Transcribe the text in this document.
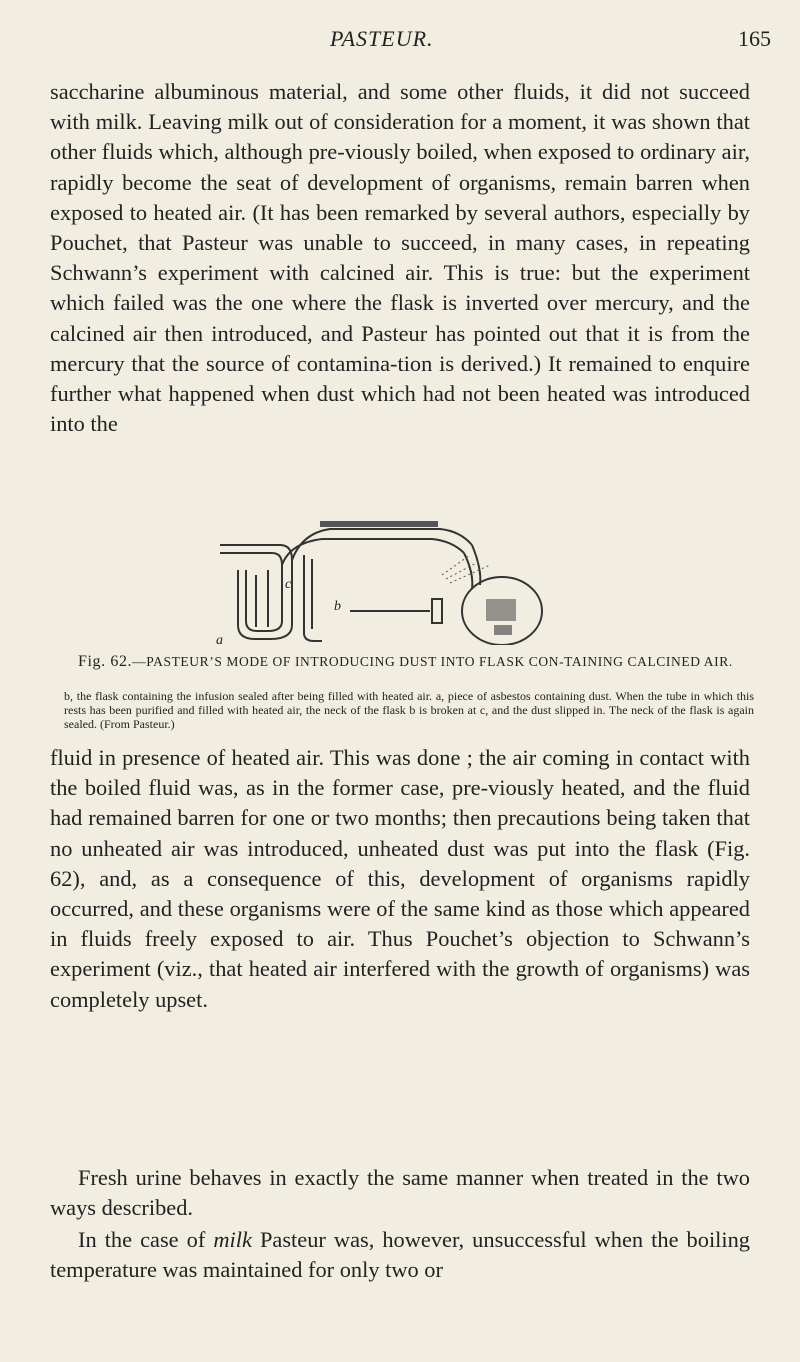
PASTEUR.	165

saccharine albuminous material, and some other fluids, it did not succeed with milk. Leaving milk out of consideration for a moment, it was shown that other fluids which, although pre-viously boiled, when exposed to ordinary air, rapidly become the seat of development of organisms, remain barren when exposed to heated air. (It has been remarked by several authors, especially by Pouchet, that Pasteur was unable to succeed, in many cases, in repeating Schwann’s experiment with calcined air. This is true: but the experiment which failed was the one where the flask is inverted over mercury, and the calcined air then introduced, and Pasteur has pointed out that it is from the mercury that the source of contamina-tion is derived.) It remained to enquire further what happened when dust which had not been heated was introduced into the

a
b
c

Fig. 62.—PASTEUR’S MODE OF INTRODUCING DUST INTO FLASK CON-TAINING CALCINED AIR.

b, the flask containing the infusion sealed after being filled with heated air. a, piece of asbestos containing dust. When the tube in which this rests has been purified and filled with heated air, the neck of the flask b is broken at c, and the dust slipped in. The neck of the flask is again sealed. (From Pasteur.)

fluid in presence of heated air. This was done ; the air coming in contact with the boiled fluid was, as in the former case, pre-viously heated, and the fluid had remained barren for one or two months; then precautions being taken that no unheated air was introduced, unheated dust was put into the flask (Fig. 62), and, as a consequence of this, development of organisms rapidly occurred, and these organisms were of the same kind as those which appeared in fluids freely exposed to air. Thus Pouchet’s objection to Schwann’s experiment (viz., that heated air interfered with the growth of organisms) was completely upset.

Fresh urine behaves in exactly the same manner when treated in the two ways described.

In the case of milk Pasteur was, however, unsuccessful when the boiling temperature was maintained for only two or
